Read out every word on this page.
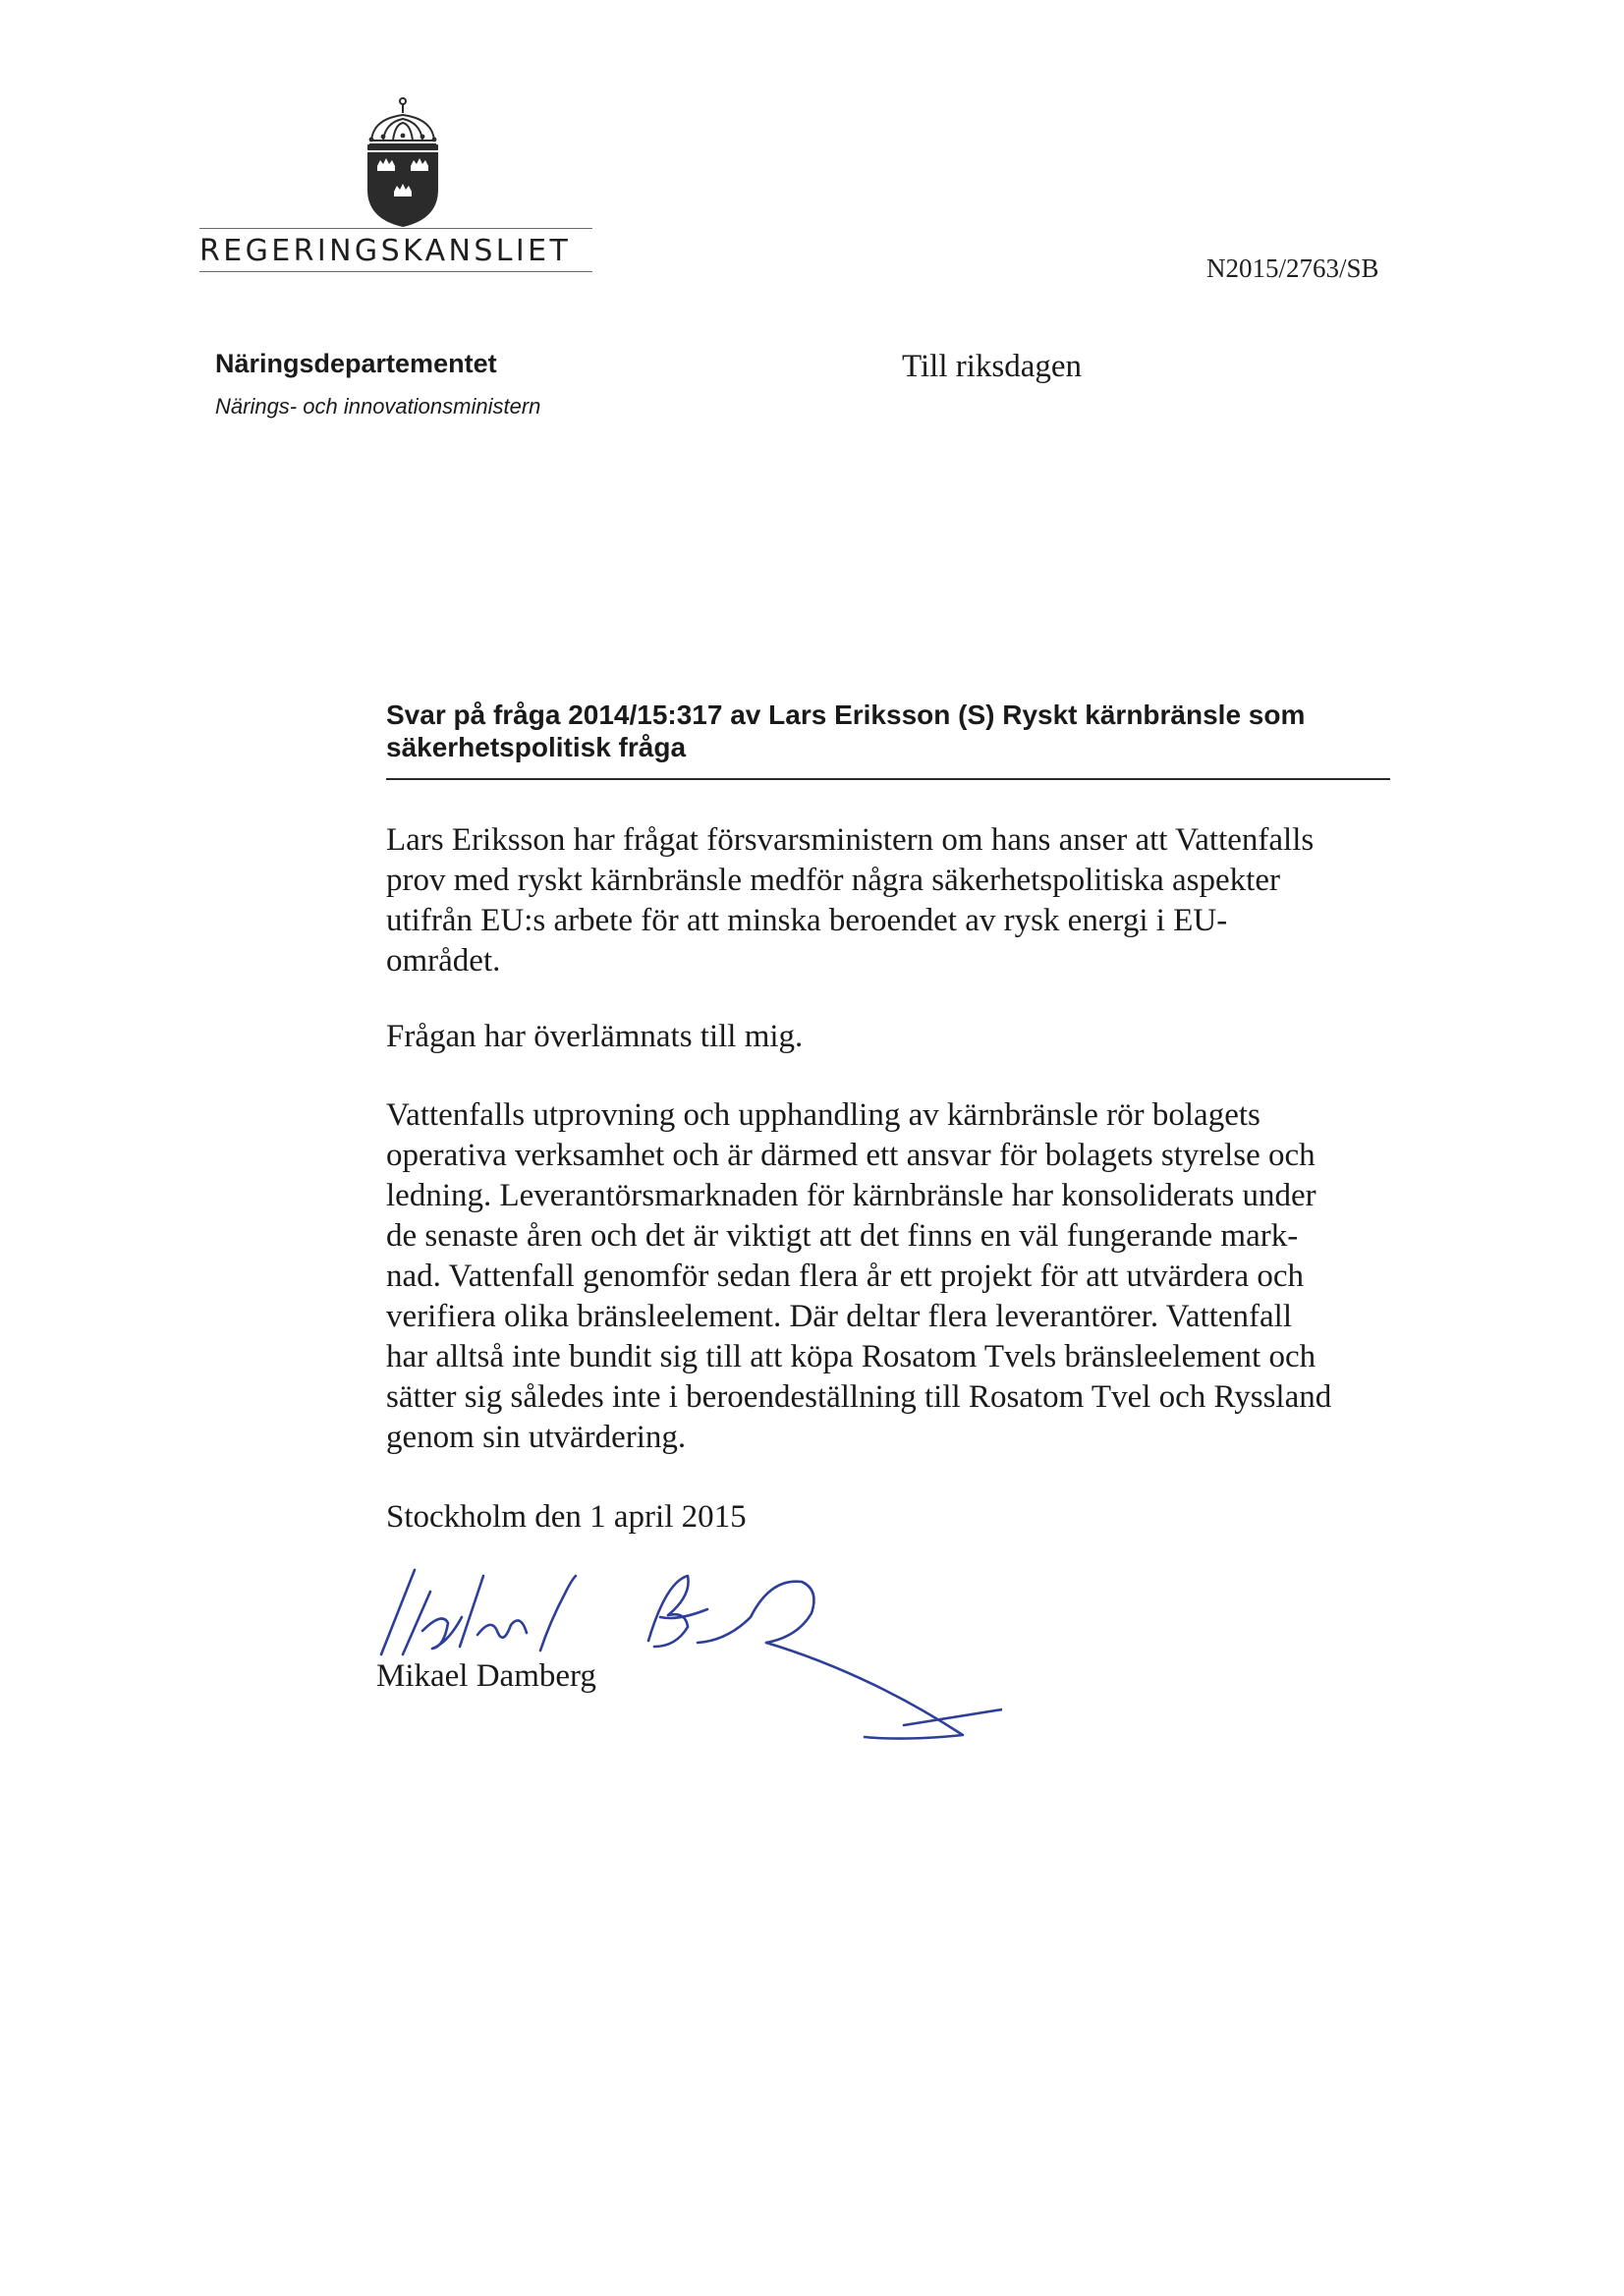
REGERINGSKANSLIET	N2015/2763/SB
Näringsdepartementet
Närings- och innovationsministern
Till riksdagen
Svar på fråga 2014/15:317 av Lars Eriksson (S) Ryskt kärnbränsle som
säkerhetspolitisk fråga
Lars Eriksson har frågat försvarsministern om hans anser att Vattenfalls
prov med ryskt kärnbränsle medför några säkerhetspolitiska aspekter
utifrån EU:s arbete för att minska beroendet av rysk energi i EU-
området.
Frågan har överlämnats till mig.
Vattenfalls utprovning och upphandling av kärnbränsle rör bolagets
operativa verksamhet och är därmed ett ansvar för bolagets styrelse och
ledning. Leverantörsmarknaden för kärnbränsle har konsoliderats under
de senaste åren och det är viktigt att det finns en väl fungerande mark-
nad. Vattenfall genomför sedan flera år ett projekt för att utvärdera och
verifiera olika bränsleelement. Där deltar flera leverantörer. Vattenfall
har alltså inte bundit sig till att köpa Rosatom Tvels bränsleelement och
sätter sig således inte i beroendeställning till Rosatom Tvel och Ryssland
genom sin utvärdering.
Stockholm den 1 april 2015
Mikael Damberg
